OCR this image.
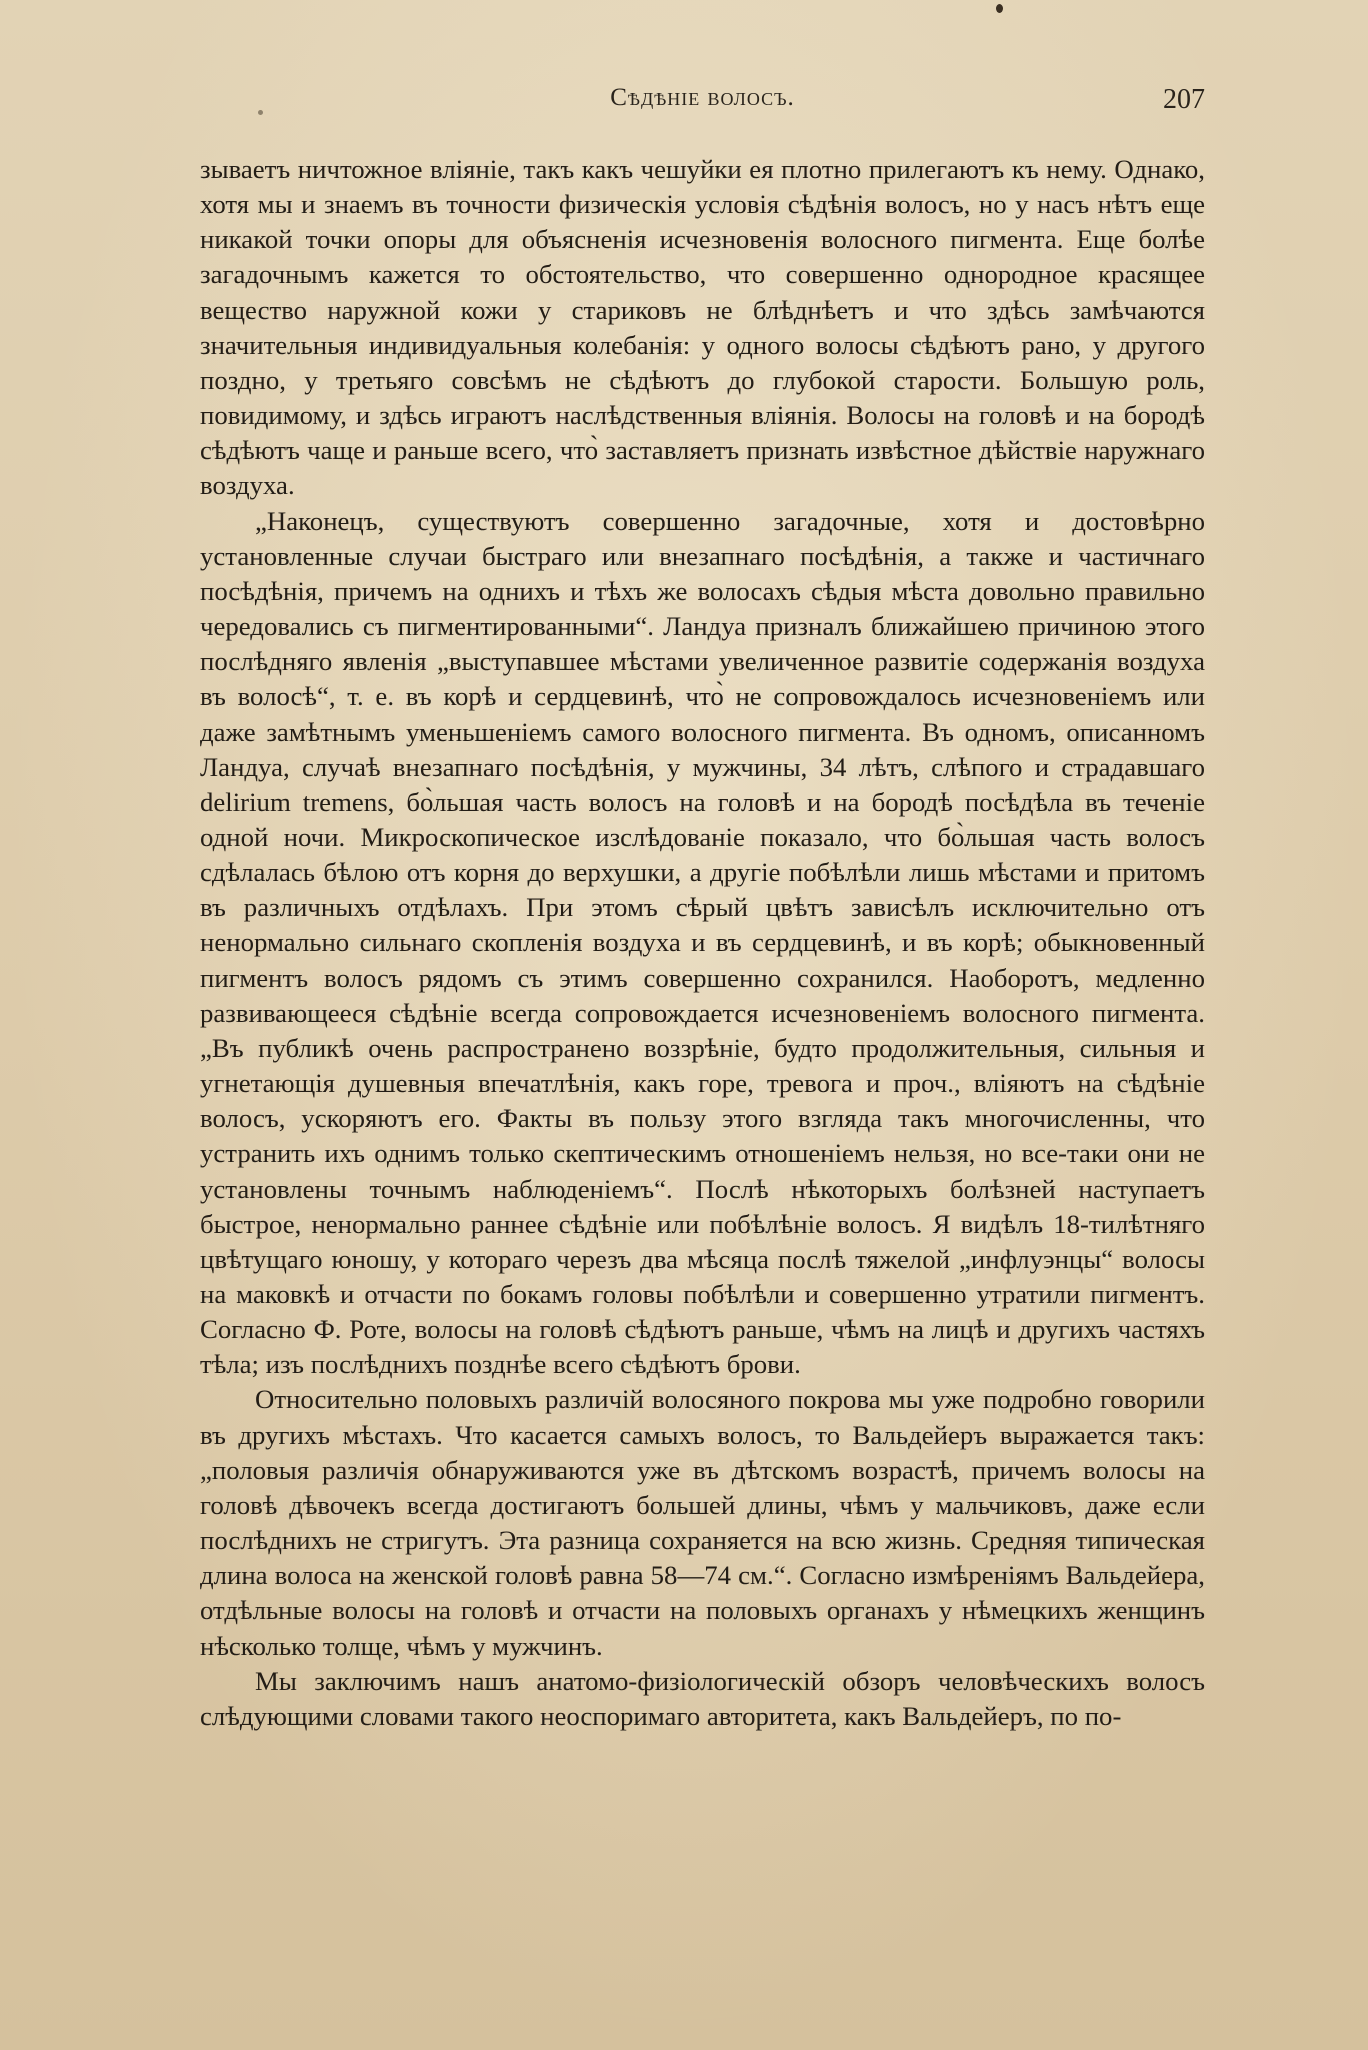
Сѣдѣніе волосъ.	207

зываетъ ничтожное вліяніе, такъ какъ чешуйки ея плотно прилегаютъ къ нему. Однако, хотя мы и знаемъ въ точности физическія условія сѣдѣнія волосъ, но у насъ нѣтъ еще никакой точки опоры для объясненія исчезновенія волосного пигмента. Еще болѣе загадочнымъ кажется то обстоятельство, что совершенно однородное красящее вещество наружной кожи у стариковъ не блѣднѣетъ и что здѣсь замѣчаются значительныя индивидуальныя колебанія: у одного волосы сѣдѣютъ рано, у другого поздно, у третьяго совсѣмъ не сѣдѣютъ до глубокой старости. Большую роль, повидимому, и здѣсь играютъ наслѣдственныя вліянія. Волосы на головѣ и на бородѣ сѣдѣютъ чаще и раньше всего, что̀ заставляетъ признать извѣстное дѣйствіе наружнаго воздуха.

„Наконецъ, существуютъ совершенно загадочные, хотя и достовѣрно установленные случаи быстраго или внезапнаго посѣдѣнія, а также и частичнаго посѣдѣнія, причемъ на однихъ и тѣхъ же волосахъ сѣдыя мѣста довольно правильно чередовались съ пигментированными“. Ландуа призналъ ближайшею причиною этого послѣдняго явленія „выступавшее мѣстами увеличенное развитіе содержанія воздуха въ волосѣ“, т. е. въ корѣ и сердцевинѣ, что̀ не сопровождалось исчезновеніемъ или даже замѣтнымъ уменьшеніемъ самого волосного пигмента. Въ одномъ, описанномъ Ландуа, случаѣ внезапнаго посѣдѣнія, у мужчины, 34 лѣтъ, слѣпого и страдавшаго delirium tremens, бо̀льшая часть волосъ на головѣ и на бородѣ посѣдѣла въ теченіе одной ночи. Микроскопическое изслѣдованіе показало, что бо̀льшая часть волосъ сдѣлалась бѣлою отъ корня до верхушки, а другіе побѣлѣли лишь мѣстами и притомъ въ различныхъ отдѣлахъ. При этомъ сѣрый цвѣтъ зависѣлъ исключительно отъ ненормально сильнаго скопленія воздуха и въ сердцевинѣ, и въ корѣ; обыкновенный пигментъ волосъ рядомъ съ этимъ совершенно сохранился. Наоборотъ, медленно развивающееся сѣдѣніе всегда сопровождается исчезновеніемъ волосного пигмента. „Въ публикѣ очень распространено воззрѣніе, будто продолжительныя, сильныя и угнетающія душевныя впечатлѣнія, какъ горе, тревога и проч., вліяютъ на сѣдѣніе волосъ, ускоряютъ его. Факты въ пользу этого взгляда такъ многочисленны, что устранить ихъ однимъ только скептическимъ отношеніемъ нельзя, но все-таки они не установлены точнымъ наблюденіемъ“. Послѣ нѣкоторыхъ болѣзней наступаетъ быстрое, ненормально раннее сѣдѣніе или побѣлѣніе волосъ. Я видѣлъ 18-тилѣтняго цвѣтущаго юношу, у котораго черезъ два мѣсяца послѣ тяжелой „инфлуэнцы“ волосы на маковкѣ и отчасти по бокамъ головы побѣлѣли и совершенно утратили пигментъ. Согласно Ф. Роте, волосы на головѣ сѣдѣютъ раньше, чѣмъ на лицѣ и другихъ частяхъ тѣла; изъ послѣднихъ позднѣе всего сѣдѣютъ брови.

Относительно половыхъ различій волосяного покрова мы уже подробно говорили въ другихъ мѣстахъ. Что касается самыхъ волосъ, то Вальдейеръ выражается такъ: „половыя различія обнаруживаются уже въ дѣтскомъ возрастѣ, причемъ волосы на головѣ дѣвочекъ всегда достигаютъ большей длины, чѣмъ у мальчиковъ, даже если послѣднихъ не стригутъ. Эта разница сохраняется на всю жизнь. Средняя типическая длина волоса на женской головѣ равна 58—74 см.“. Согласно измѣреніямъ Вальдейера, отдѣльные волосы на головѣ и отчасти на половыхъ органахъ у нѣмецкихъ женщинъ нѣсколько толще, чѣмъ у мужчинъ.

Мы заключимъ нашъ анатомо-физіологическій обзоръ человѣческихъ волосъ слѣдующими словами такого неоспоримаго авторитета, какъ Вальдейеръ, по по-
